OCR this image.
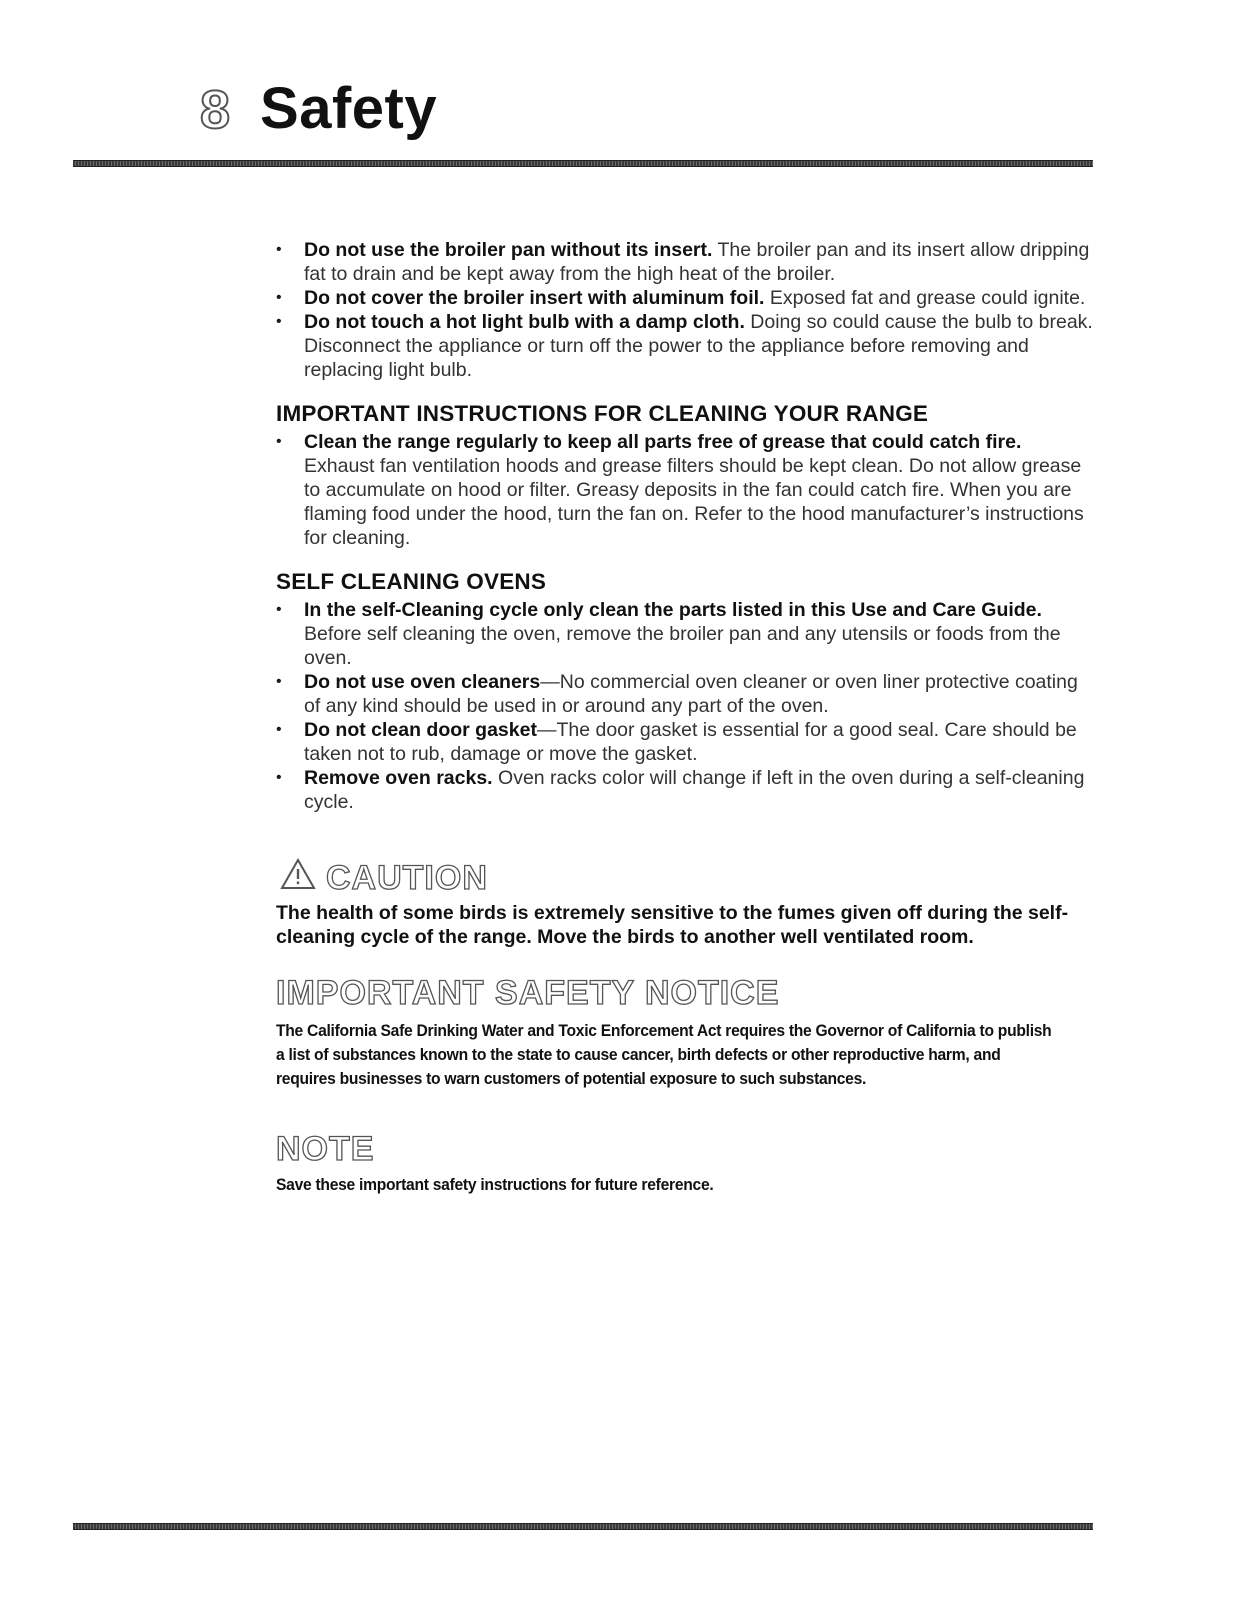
8 Safety
• Do not use the broiler pan without its insert. The broiler pan and its insert allow dripping fat to drain and be kept away from the high heat of the broiler.
• Do not cover the broiler insert with aluminum foil. Exposed fat and grease could ignite.
• Do not touch a hot light bulb with a damp cloth. Doing so could cause the bulb to break. Disconnect the appliance or turn off the power to the appliance before removing and replacing light bulb.
IMPORTANT INSTRUCTIONS FOR CLEANING YOUR RANGE
• Clean the range regularly to keep all parts free of grease that could catch fire. Exhaust fan ventilation hoods and grease filters should be kept clean. Do not allow grease to accumulate on hood or filter. Greasy deposits in the fan could catch fire. When you are flaming food under the hood, turn the fan on. Refer to the hood manufacturer’s instructions for cleaning.
SELF CLEANING OVENS
• In the self-Cleaning cycle only clean the parts listed in this Use and Care Guide. Before self cleaning the oven, remove the broiler pan and any utensils or foods from the oven.
• Do not use oven cleaners—No commercial oven cleaner or oven liner protective coating of any kind should be used in or around any part of the oven.
• Do not clean door gasket—The door gasket is essential for a good seal. Care should be taken not to rub, damage or move the gasket.
• Remove oven racks. Oven racks color will change if left in the oven during a self-cleaning cycle.
CAUTION
The health of some birds is extremely sensitive to the fumes given off during the self-cleaning cycle of the range. Move the birds to another well ventilated room.
IMPORTANT SAFETY NOTICE
The California Safe Drinking Water and Toxic Enforcement Act requires the Governor of California to publish a list of substances known to the state to cause cancer, birth defects or other reproductive harm, and requires businesses to warn customers of potential exposure to such substances.
NOTE
Save these important safety instructions for future reference.
